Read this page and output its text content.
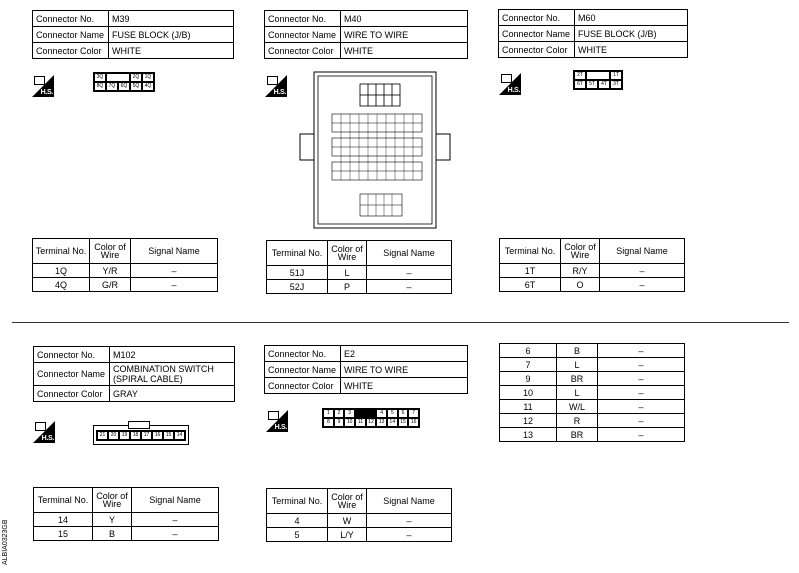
Connector No.	M39
Connector Name	FUSE BLOCK (J/B)
Connector Color	WHITE
H.S.
3Q	2Q	1Q
8Q	7Q	6Q	5Q	4Q
Terminal No.	Color of Wire	Signal Name
1Q	Y/R	–
4Q	G/R	–
Connector No.	M40
Connector Name	WIRE TO WIRE
Connector Color	WHITE
H.S.
Terminal No.	Color of Wire	Signal Name
51J	L	–
52J	P	–
Connector No.	M60
Connector Name	FUSE BLOCK (J/B)
Connector Color	WHITE
H.S.
2T	1T
6T	5T	4T	3T
Terminal No.	Color of Wire	Signal Name
1T	R/Y	–
6T	O	–
Connector No.	M102
Connector Name	COMBINATION SWITCH (SPIRAL CABLE)
Connector Color	GRAY
H.S.	21	20	19	18	17	16	15	14
Terminal No.	Color of Wire	Signal Name
14	Y	–
15	B	–
Connector No.	E2
Connector Name	WIRE TO WIRE
Connector Color	WHITE
H.S.
1	2	3	4	5	6	7
8	9	10	11	12	13	14	15	16
Terminal No.	Color of Wire	Signal Name
4	W	–
5	L/Y	–
6	B	–
7	L	–
9	BR	–
10	L	–
11	W/L	–
12	R	–
13	BR	–
ALBIA0323GB
